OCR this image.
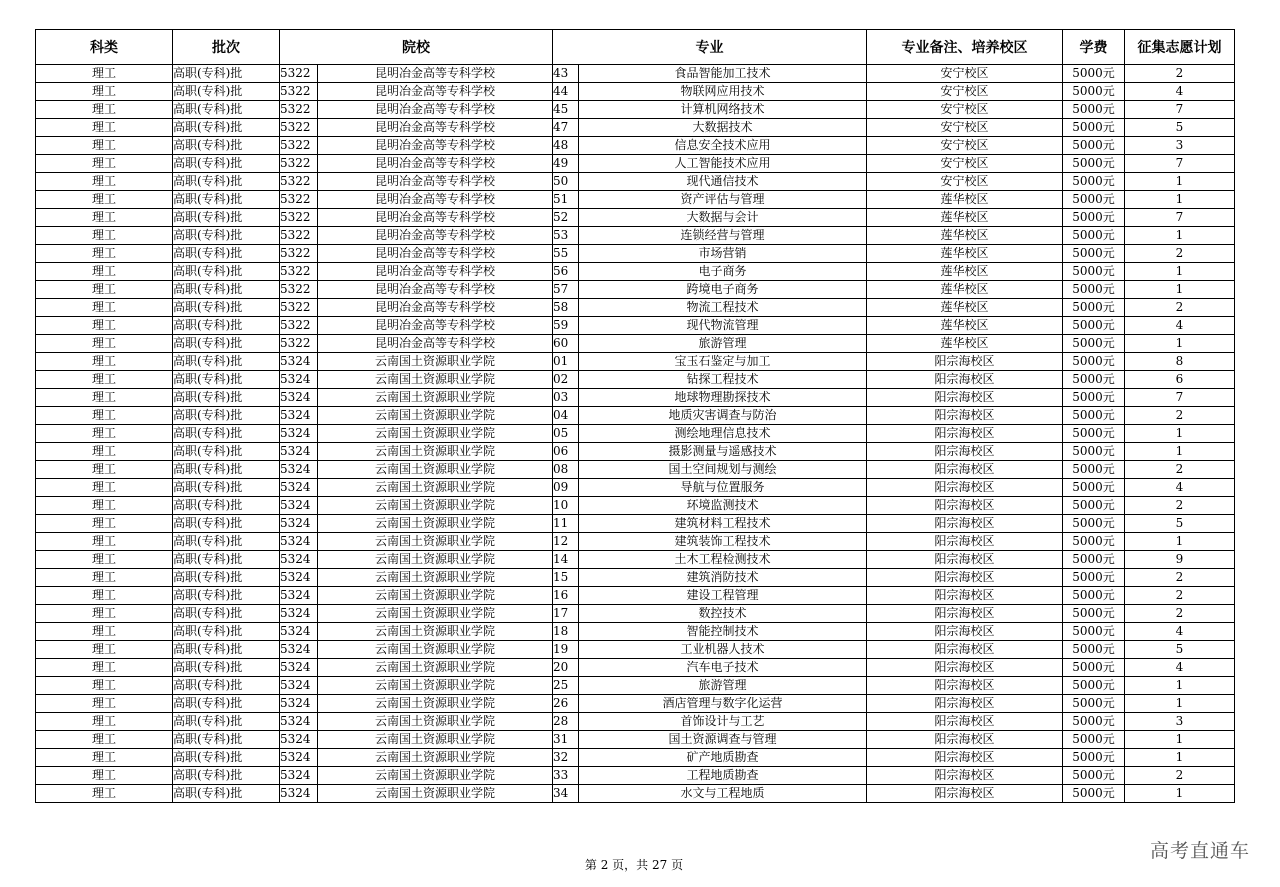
科类	批次	院校		专业		专业备注、培养校区	学费	征集志愿计划
理工	高职(专科)批	5322	昆明冶金高等专科学校	43	食品智能加工技术	安宁校区	5000元	2
理工	高职(专科)批	5322	昆明冶金高等专科学校	44	物联网应用技术	安宁校区	5000元	4
理工	高职(专科)批	5322	昆明冶金高等专科学校	45	计算机网络技术	安宁校区	5000元	7
理工	高职(专科)批	5322	昆明冶金高等专科学校	47	大数据技术	安宁校区	5000元	5
理工	高职(专科)批	5322	昆明冶金高等专科学校	48	信息安全技术应用	安宁校区	5000元	3
理工	高职(专科)批	5322	昆明冶金高等专科学校	49	人工智能技术应用	安宁校区	5000元	7
理工	高职(专科)批	5322	昆明冶金高等专科学校	50	现代通信技术	安宁校区	5000元	1
理工	高职(专科)批	5322	昆明冶金高等专科学校	51	资产评估与管理	莲华校区	5000元	1
理工	高职(专科)批	5322	昆明冶金高等专科学校	52	大数据与会计	莲华校区	5000元	7
理工	高职(专科)批	5322	昆明冶金高等专科学校	53	连锁经营与管理	莲华校区	5000元	1
理工	高职(专科)批	5322	昆明冶金高等专科学校	55	市场营销	莲华校区	5000元	2
理工	高职(专科)批	5322	昆明冶金高等专科学校	56	电子商务	莲华校区	5000元	1
理工	高职(专科)批	5322	昆明冶金高等专科学校	57	跨境电子商务	莲华校区	5000元	1
理工	高职(专科)批	5322	昆明冶金高等专科学校	58	物流工程技术	莲华校区	5000元	2
理工	高职(专科)批	5322	昆明冶金高等专科学校	59	现代物流管理	莲华校区	5000元	4
理工	高职(专科)批	5322	昆明冶金高等专科学校	60	旅游管理	莲华校区	5000元	1
理工	高职(专科)批	5324	云南国土资源职业学院	01	宝玉石鉴定与加工	阳宗海校区	5000元	8
理工	高职(专科)批	5324	云南国土资源职业学院	02	钻探工程技术	阳宗海校区	5000元	6
理工	高职(专科)批	5324	云南国土资源职业学院	03	地球物理勘探技术	阳宗海校区	5000元	7
理工	高职(专科)批	5324	云南国土资源职业学院	04	地质灾害调查与防治	阳宗海校区	5000元	2
理工	高职(专科)批	5324	云南国土资源职业学院	05	测绘地理信息技术	阳宗海校区	5000元	1
理工	高职(专科)批	5324	云南国土资源职业学院	06	摄影测量与遥感技术	阳宗海校区	5000元	1
理工	高职(专科)批	5324	云南国土资源职业学院	08	国土空间规划与测绘	阳宗海校区	5000元	2
理工	高职(专科)批	5324	云南国土资源职业学院	09	导航与位置服务	阳宗海校区	5000元	4
理工	高职(专科)批	5324	云南国土资源职业学院	10	环境监测技术	阳宗海校区	5000元	2
理工	高职(专科)批	5324	云南国土资源职业学院	11	建筑材料工程技术	阳宗海校区	5000元	5
理工	高职(专科)批	5324	云南国土资源职业学院	12	建筑装饰工程技术	阳宗海校区	5000元	1
理工	高职(专科)批	5324	云南国土资源职业学院	14	土木工程检测技术	阳宗海校区	5000元	9
理工	高职(专科)批	5324	云南国土资源职业学院	15	建筑消防技术	阳宗海校区	5000元	2
理工	高职(专科)批	5324	云南国土资源职业学院	16	建设工程管理	阳宗海校区	5000元	2
理工	高职(专科)批	5324	云南国土资源职业学院	17	数控技术	阳宗海校区	5000元	2
理工	高职(专科)批	5324	云南国土资源职业学院	18	智能控制技术	阳宗海校区	5000元	4
理工	高职(专科)批	5324	云南国土资源职业学院	19	工业机器人技术	阳宗海校区	5000元	5
理工	高职(专科)批	5324	云南国土资源职业学院	20	汽车电子技术	阳宗海校区	5000元	4
理工	高职(专科)批	5324	云南国土资源职业学院	25	旅游管理	阳宗海校区	5000元	1
理工	高职(专科)批	5324	云南国土资源职业学院	26	酒店管理与数字化运营	阳宗海校区	5000元	1
理工	高职(专科)批	5324	云南国土资源职业学院	28	首饰设计与工艺	阳宗海校区	5000元	3
理工	高职(专科)批	5324	云南国土资源职业学院	31	国土资源调查与管理	阳宗海校区	5000元	1
理工	高职(专科)批	5324	云南国土资源职业学院	32	矿产地质勘查	阳宗海校区	5000元	1
理工	高职(专科)批	5324	云南国土资源职业学院	33	工程地质勘查	阳宗海校区	5000元	2
理工	高职(专科)批	5324	云南国土资源职业学院	34	水文与工程地质	阳宗海校区	5000元	1
第 2 页，共 27 页
高考直通车
